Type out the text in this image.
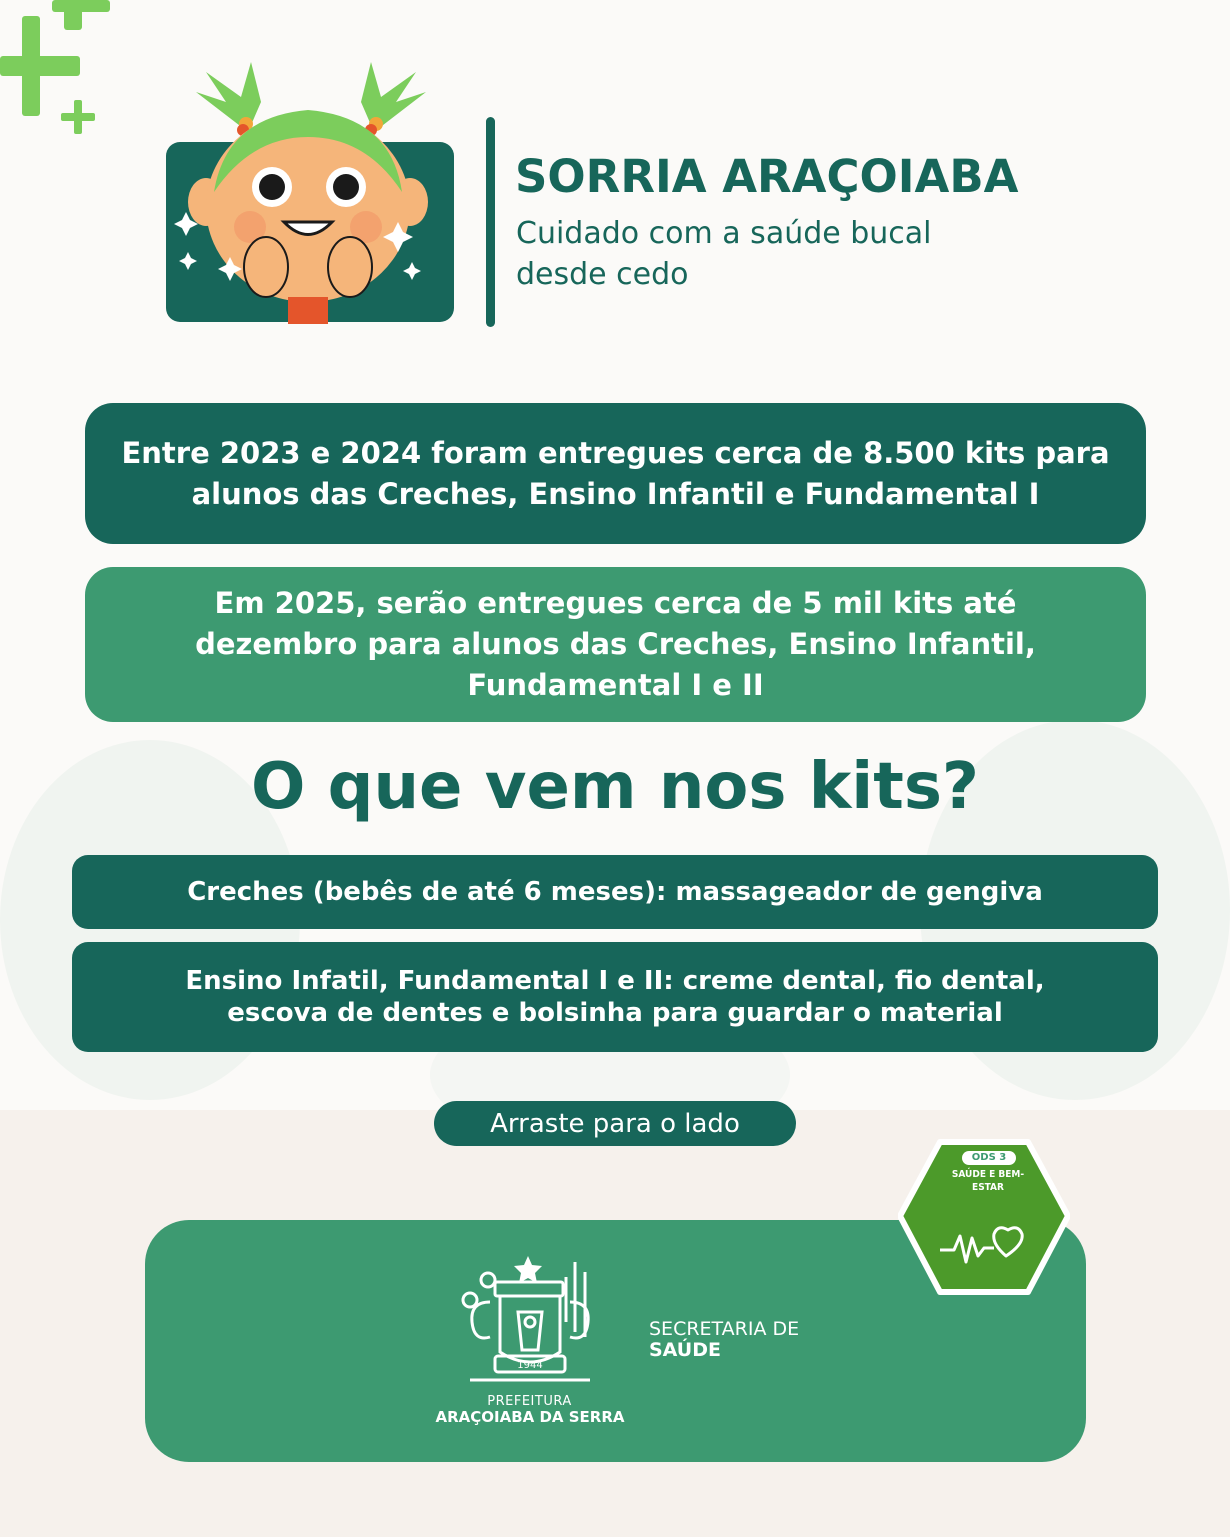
SORRIA ARAÇOIABA
Cuidado com a saúde bucal desde cedo
Entre 2023 e 2024 foram entregues cerca de 8.500 kits para alunos das Creches, Ensino Infantil e Fundamental I
Em 2025, serão entregues cerca de 5 mil kits até dezembro para alunos das Creches, Ensino Infantil, Fundamental I e II
O que vem nos kits?
Creches (bebês de até 6 meses): massageador de gengiva
Ensino Infatil, Fundamental I e II: creme dental, fio dental, escova de dentes e bolsinha para guardar o material
Arraste para o lado
1944
PREFEITURA
ARAÇOIABA DA SERRA
SECRETARIA DE
SAÚDE
ODS 3
SAÚDE E BEM-ESTAR
